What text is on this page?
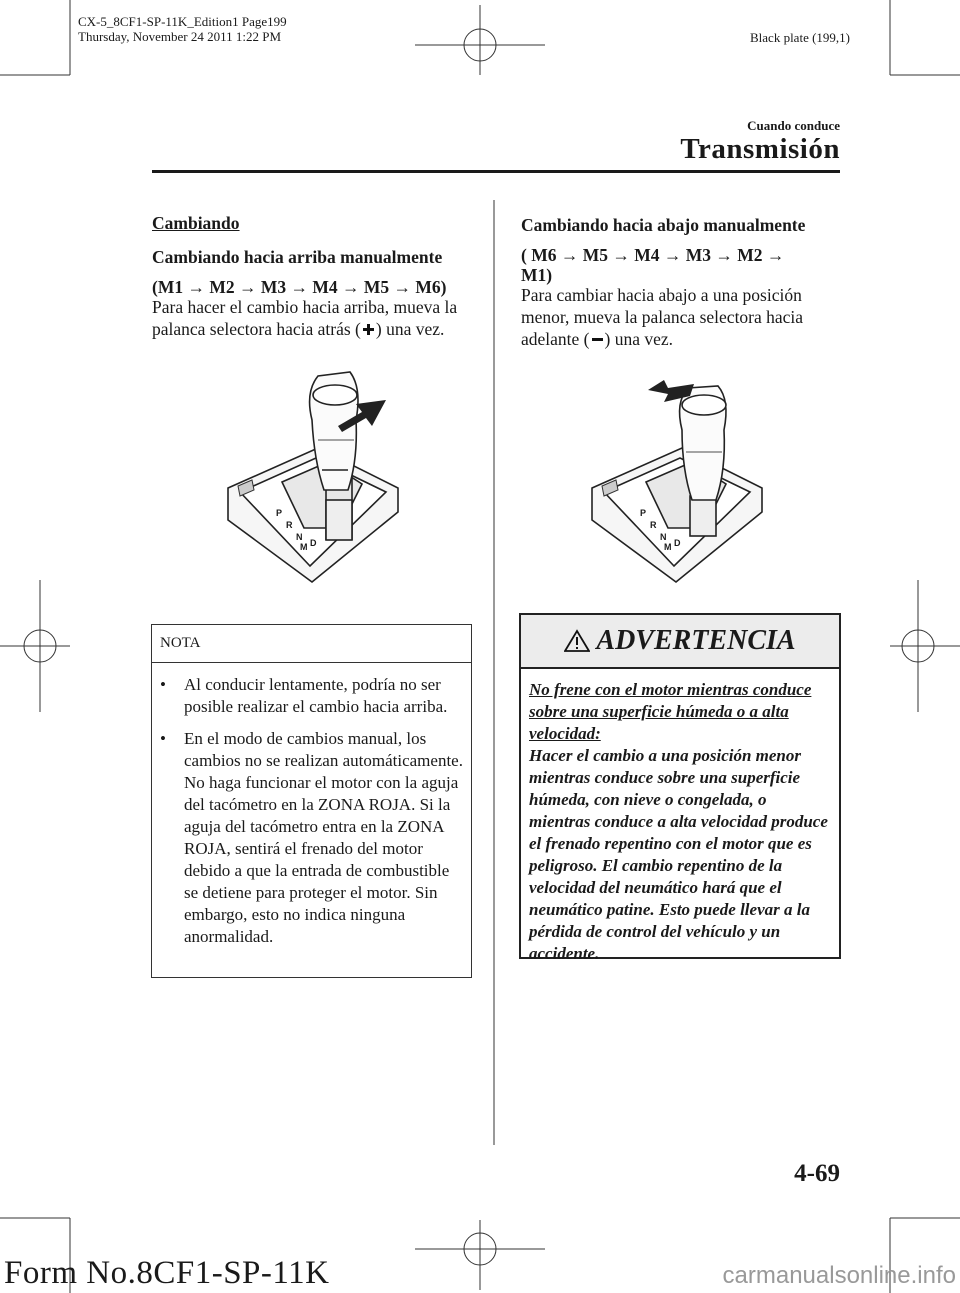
CX-5_8CF1-SP-11K_Edition1 Page199
Thursday, November 24 2011 1:22 PM	Black plate (199,1)
Cuando conduce
Transmisión
Cambiando
Cambiando hacia arriba manualmente
(M1 → M2 → M3 → M4 → M5 → M6)
Para hacer el cambio hacia arriba, mueva la palanca selectora hacia atrás ( ) una vez.
P
R
N
D
M
NOTA
• Al conducir lentamente, podría no ser posible realizar el cambio hacia arriba.
• En el modo de cambios manual, los cambios no se realizan automáticamente. No haga funcionar el motor con la aguja del tacómetro en la ZONA ROJA. Si la aguja del tacómetro entra en la ZONA ROJA, sentirá el frenado del motor debido a que la entrada de combustible se detiene para proteger el motor. Sin embargo, esto no indica ninguna anormalidad.
Cambiando hacia abajo manualmente
( M6 → M5 → M4 → M3 → M2 →
M1)
Para cambiar hacia abajo a una posición menor, mueva la palanca selectora hacia adelante ( ) una vez.
P
R
N
D
M
ADVERTENCIA
No frene con el motor mientras conduce sobre una superficie húmeda o a alta velocidad:
Hacer el cambio a una posición menor mientras conduce sobre una superficie húmeda, con nieve o congelada, o mientras conduce a alta velocidad produce el frenado repentino con el motor que es peligroso. El cambio repentino de la velocidad del neumático hará que el neumático patine. Esto puede llevar a la pérdida de control del vehículo y un accidente.
4-69
Form No.8CF1-SP-11K	carmanualsonline.info
